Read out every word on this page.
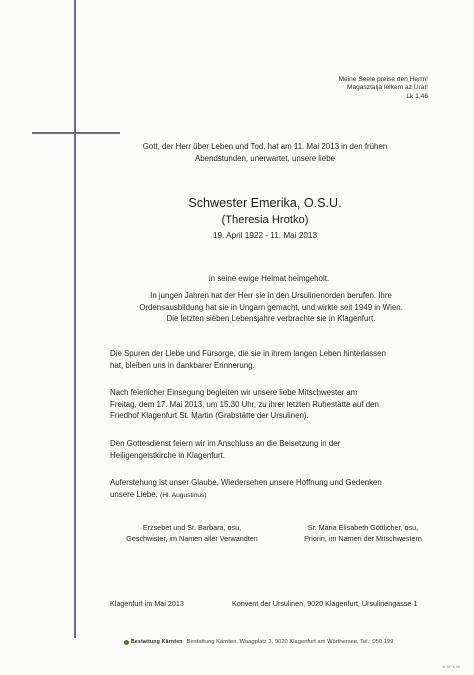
Meine Seele preise den Herrn!
Magasztalja lelkem az Urat!
Lk 1,46
Gott, der Herr über Leben und Tod, hat am 11. Mai 2013 in den frühen
Abendstunden, unerwartet, unsere liebe
Schwester Emerika, O.S.U.
(Theresia Hrotko)
19. April 1922 - 11. Mai 2013
in seine ewige Heimat heimgeholt.
In jungen Jahren hat der Herr sie in den Ursulinenorden berufen. Ihre
Ordensausbildung hat sie in Ungarn gemacht, und wirkte seit 1949 in Wien.
Die letzten sieben Lebensjahre verbrachte sie in Klagenfurt.
Die Spuren der Liebe und Fürsorge, die sie in ihrem langen Leben hinterlassen
hat, bleiben uns in dankbarer Erinnerung.
Nach feierlicher Einsegung begleiten wir unsere liebe Mitschwester am
Freitag, dem 17. Mai 2013, um 15.30 Uhr, zu ihrer letzten Ruhestätte auf den
Friedhof Klagenfurt St. Martin (Grabstätte der Ursulinen).
Den Gottesdienst feiern wir im Anschluss an die Beisetzung in der
Heiligengeistkirche in Klagenfurt.
Auferstehung ist unser Glaube, Wiedersehen unsere Hoffnung und Gedenken
unsere Liebe. (Hl. Augustinus)
Erzsebet und Sr. Barbara, osu,
Geschwister, im Namen aller Verwandten
Sr. Maria Elisabeth Göttlicher, osu,
Priorin, im Namen der Mitschwestern
Klagenfurt im Mai 2013	Konvent der Ursulinen, 9020 Klagenfurt, Ursulinengasse 1
Bestattung Kärnten Bestattung Kärnten, Waagplatz 2, 9020 Klagenfurt am Wörthersee, Tel.: 050 199
⊕ DP K 06
